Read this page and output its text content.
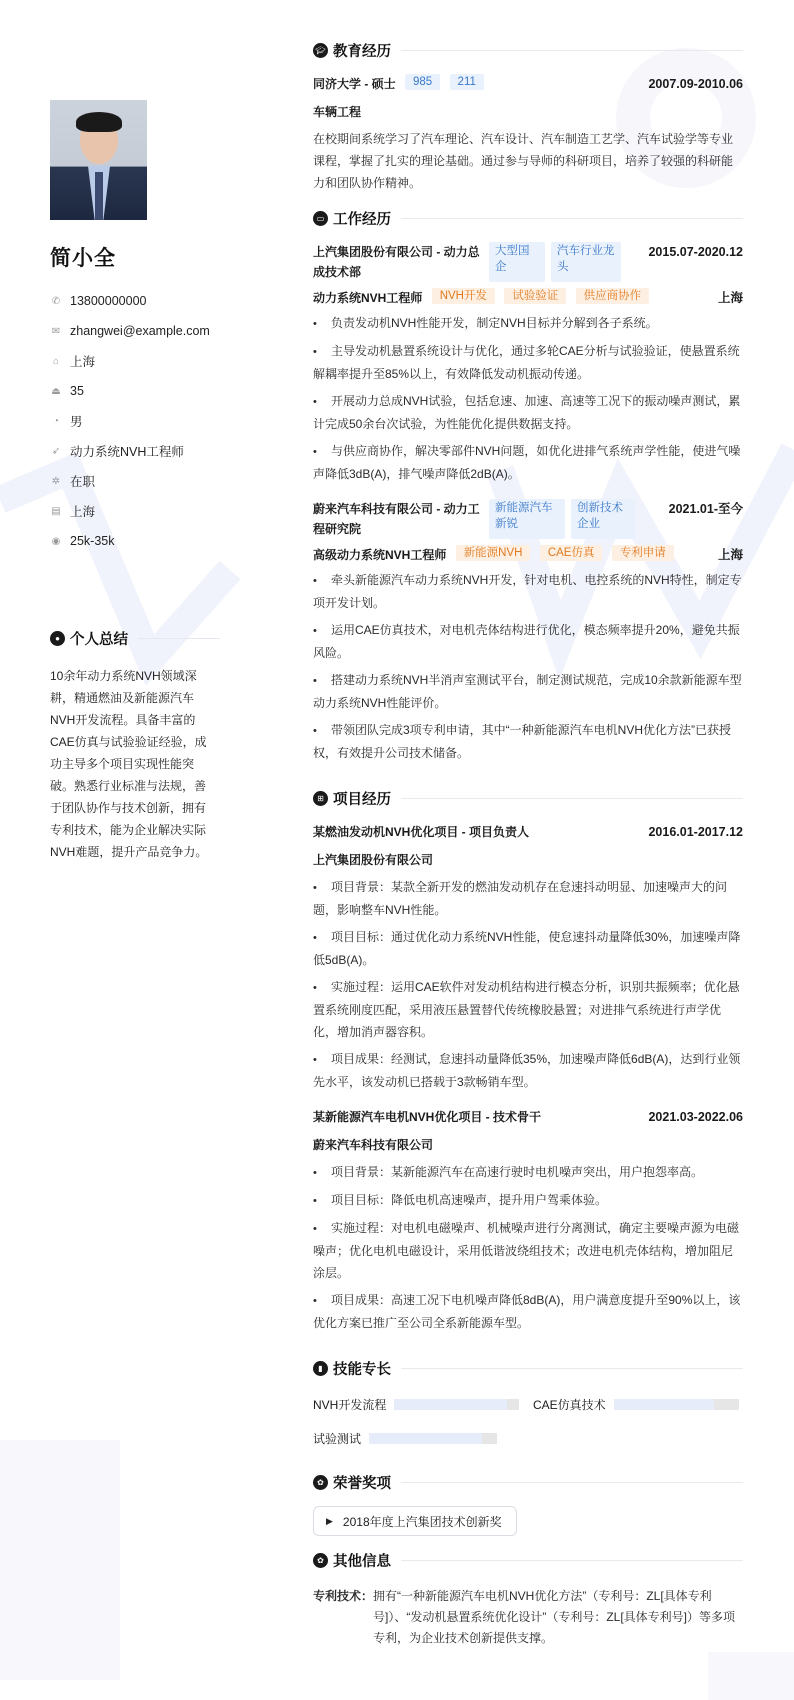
简小全
✆ 13800000000
✉ zhangwei@example.com
⌂ 上海
⏏ 35
◔ 男
➶ 动力系统NVH工程师
✲ 在职
▤ 上海
◉ 25k-35k
● 个人总结

10余年动力系统NVH领域深耕，精通燃油及新能源汽车NVH开发流程。具备丰富的CAE仿真与试验验证经验，成功主导多个项目实现性能突破。熟悉行业标准与法规，善于团队协作与技术创新，拥有专利技术，能为企业解决实际NVH难题，提升产品竞争力。

🎓︎ 教育经历
同济大学 - 硕士 985 211	2007.09-2010.06
车辆工程

在校期间系统学习了汽车理论、汽车设计、汽车制造工艺学、汽车试验学等专业课程，掌握了扎实的理论基础。通过参与导师的科研项目，培养了较强的科研能力和团队协作精神。

▭ 工作经历
上汽集团股份有限公司 - 动力总成技术部
大型国企
汽车行业龙头
2015.07-2020.12
动力系统NVH工程师 NVH开发 试验验证 供应商协作	上海
• 负责发动机NVH性能开发，制定NVH目标并分解到各子系统。
• 主导发动机悬置系统设计与优化，通过多轮CAE分析与试验验证，使悬置系统解耦率提升至85%以上，有效降低发动机振动传递。
• 开展动力总成NVH试验，包括怠速、加速、高速等工况下的振动噪声测试，累计完成50余台次试验，为性能优化提供数据支持。
• 与供应商协作，解决零部件NVH问题，如优化进排气系统声学性能，使进气噪声降低3dB(A)，排气噪声降低2dB(A)。
蔚来汽车科技有限公司 - 动力工程研究院
新能源汽车新锐
创新技术企业
2021.01-至今
高级动力系统NVH工程师 新能源NVH CAE仿真 专利申请	上海
• 牵头新能源汽车动力系统NVH开发，针对电机、电控系统的NVH特性，制定专项开发计划。
• 运用CAE仿真技术，对电机壳体结构进行优化，模态频率提升20%，避免共振风险。
• 搭建动力系统NVH半消声室测试平台，制定测试规范，完成10余款新能源车型动力系统NVH性能评价。
• 带领团队完成3项专利申请，其中“一种新能源汽车电机NVH优化方法”已获授权，有效提升公司技术储备。
⊞ 项目经历
某燃油发动机NVH优化项目 - 项目负责人	2016.01-2017.12
上汽集团股份有限公司
• 项目背景：某款全新开发的燃油发动机存在怠速抖动明显、加速噪声大的问题，影响整车NVH性能。
• 项目目标：通过优化动力系统NVH性能，使怠速抖动量降低30%，加速噪声降低5dB(A)。
• 实施过程：运用CAE软件对发动机结构进行模态分析，识别共振频率；优化悬置系统刚度匹配，采用液压悬置替代传统橡胶悬置；对进排气系统进行声学优化，增加消声器容积。
• 项目成果：经测试，怠速抖动量降低35%，加速噪声降低6dB(A)，达到行业领先水平，该发动机已搭载于3款畅销车型。
某新能源汽车电机NVH优化项目 - 技术骨干	2021.03-2022.06
蔚来汽车科技有限公司
• 项目背景：某新能源汽车在高速行驶时电机噪声突出，用户抱怨率高。
• 项目目标：降低电机高速噪声，提升用户驾乘体验。
• 实施过程：对电机电磁噪声、机械噪声进行分离测试，确定主要噪声源为电磁噪声；优化电机电磁设计，采用低谐波绕组技术；改进电机壳体结构，增加阻尼涂层。
• 项目成果：高速工况下电机噪声降低8dB(A)，用户满意度提升至90%以上，该优化方案已推广至公司全系新能源车型。
▮ 技能专长
NVH开发流程	CAE仿真技术
试验测试
✿ 荣誉奖项
▶ 2018年度上汽集团技术创新奖
✿ 其他信息
专利技术： 拥有“一种新能源汽车电机NVH优化方法”（专利号：ZL[具体专利号]）、“发动机悬置系统优化设计”（专利号：ZL[具体专利号]）等多项专利，为企业技术创新提供支撑。
